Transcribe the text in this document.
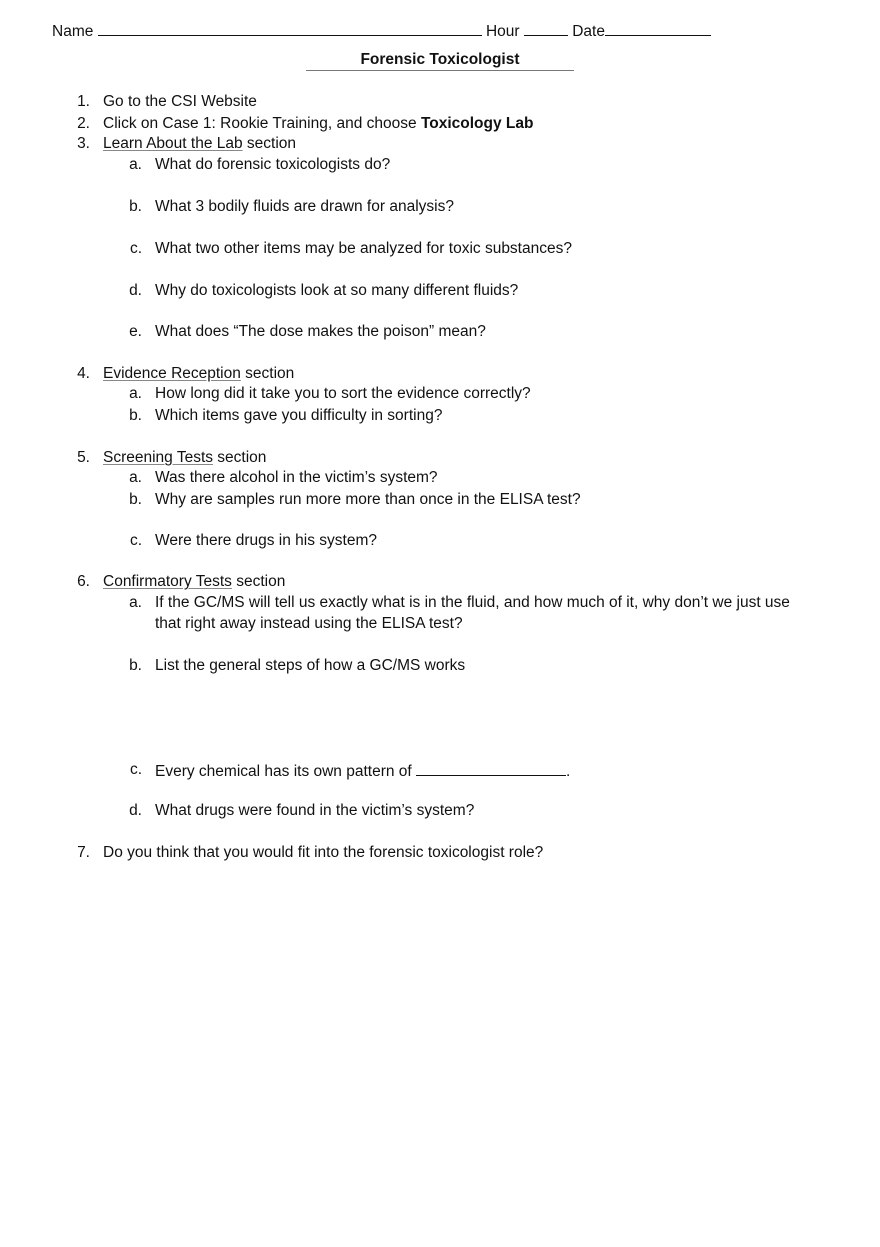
Name	Hour	Date
Forensic Toxicologist
1. Go to the CSI Website
2. Click on Case 1: Rookie Training, and choose Toxicology Lab
3. Learn About the Lab section
a. What do forensic toxicologists do?
b. What 3 bodily fluids are drawn for analysis?
c. What two other items may be analyzed for toxic substances?
d. Why do toxicologists look at so many different fluids?
e. What does “The dose makes the poison” mean?
4. Evidence Reception section
a. How long did it take you to sort the evidence correctly?
b. Which items gave you difficulty in sorting?
5. Screening Tests section
a. Was there alcohol in the victim’s system?
b. Why are samples run more more than once in the ELISA test?
c. Were there drugs in his system?
6. Confirmatory Tests section
a. If the GC/MS will tell us exactly what is in the fluid, and how much of it, why don’t we just use
that right away instead using the ELISA test?
b. List the general steps of how a GC/MS works
c. Every chemical has its own pattern of	.
d. What drugs were found in the victim’s system?
7. Do you think that you would fit into the forensic toxicologist role?
